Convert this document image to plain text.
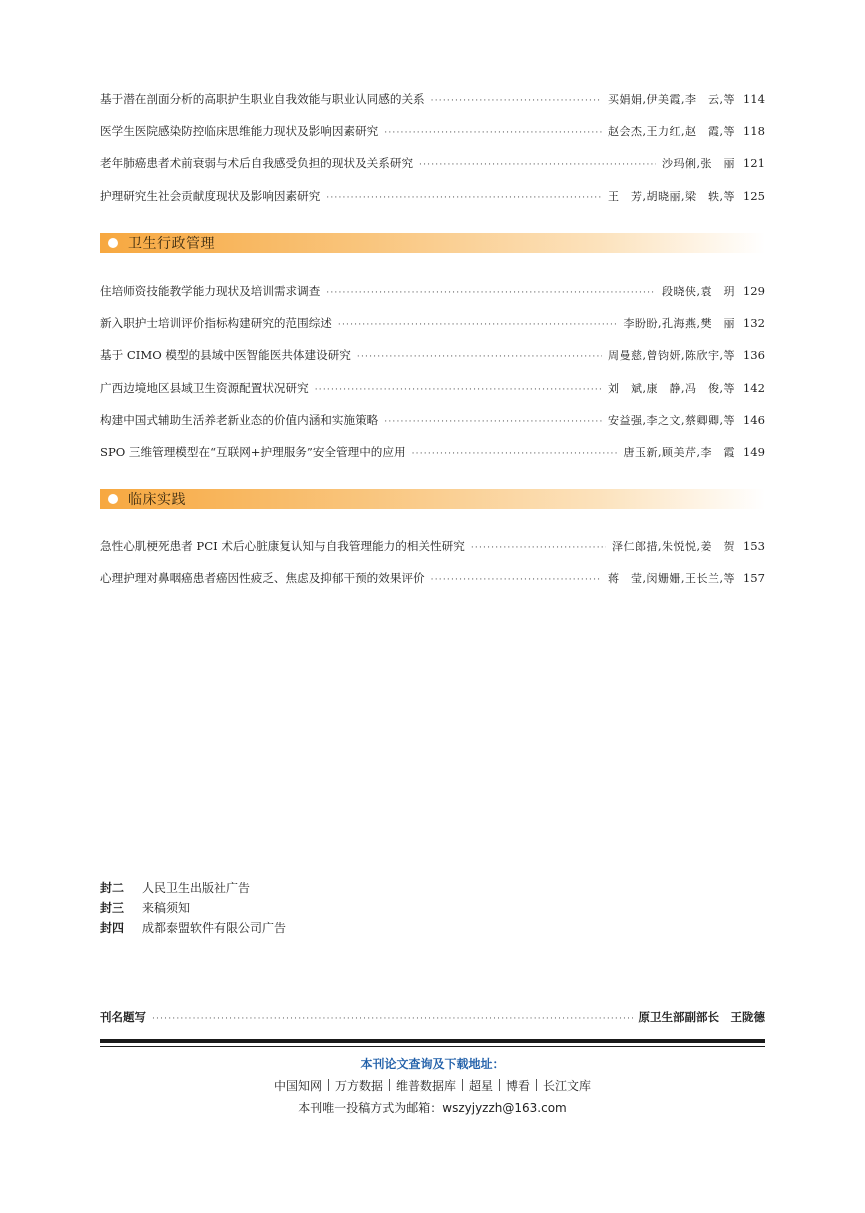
基于潜在剖面分析的高职护生职业自我效能与职业认同感的关系 ·····	买娟娟,伊美霞,李　云,等 114
医学生医院感染防控临床思维能力现状及影响因素研究 ·····	赵会杰,王力红,赵　霞,等 118
老年肺癌患者术前衰弱与术后自我感受负担的现状及关系研究 ·····	沙玛俐,张　丽 121
护理研究生社会贡献度现状及影响因素研究 ·····	王　芳,胡晓丽,梁　轶,等 125
卫生行政管理
住培师资技能教学能力现状及培训需求调查 ·····	段晓侠,袁　玥 129
新入职护士培训评价指标构建研究的范围综述 ·····	李盼盼,孔海燕,樊　丽 132
基于 CIMO 模型的县域中医智能医共体建设研究 ·····	周曼慈,曾钧妍,陈欣宇,等 136
广西边境地区县域卫生资源配置状况研究 ·····	刘　斌,康　静,冯　俊,等 142
构建中国式辅助生活养老新业态的价值内涵和实施策略 ·····	安益强,李之文,蔡卿卿,等 146
SPO 三维管理模型在“互联网+护理服务”安全管理中的应用 ·····	唐玉新,顾美芹,李　霞 149
临床实践
急性心肌梗死患者 PCI 术后心脏康复认知与自我管理能力的相关性研究 ·····	泽仁郎措,朱悦悦,姜　贺 153
心理护理对鼻咽癌患者癌因性疲乏、焦虑及抑郁干预的效果评价 ·····	蒋　莹,闵姗姗,王长兰,等 157
封二	人民卫生出版社广告
封三	来稿须知
封四	成都泰盟软件有限公司广告
刊名题写 ·····	原卫生部副部长　王陇德
本刊论文查询及下载地址：
中国知网 万方数据 维普数据库 超星 博看 长江文库
本刊唯一投稿方式为邮箱：wszyjyzzh@163.com
